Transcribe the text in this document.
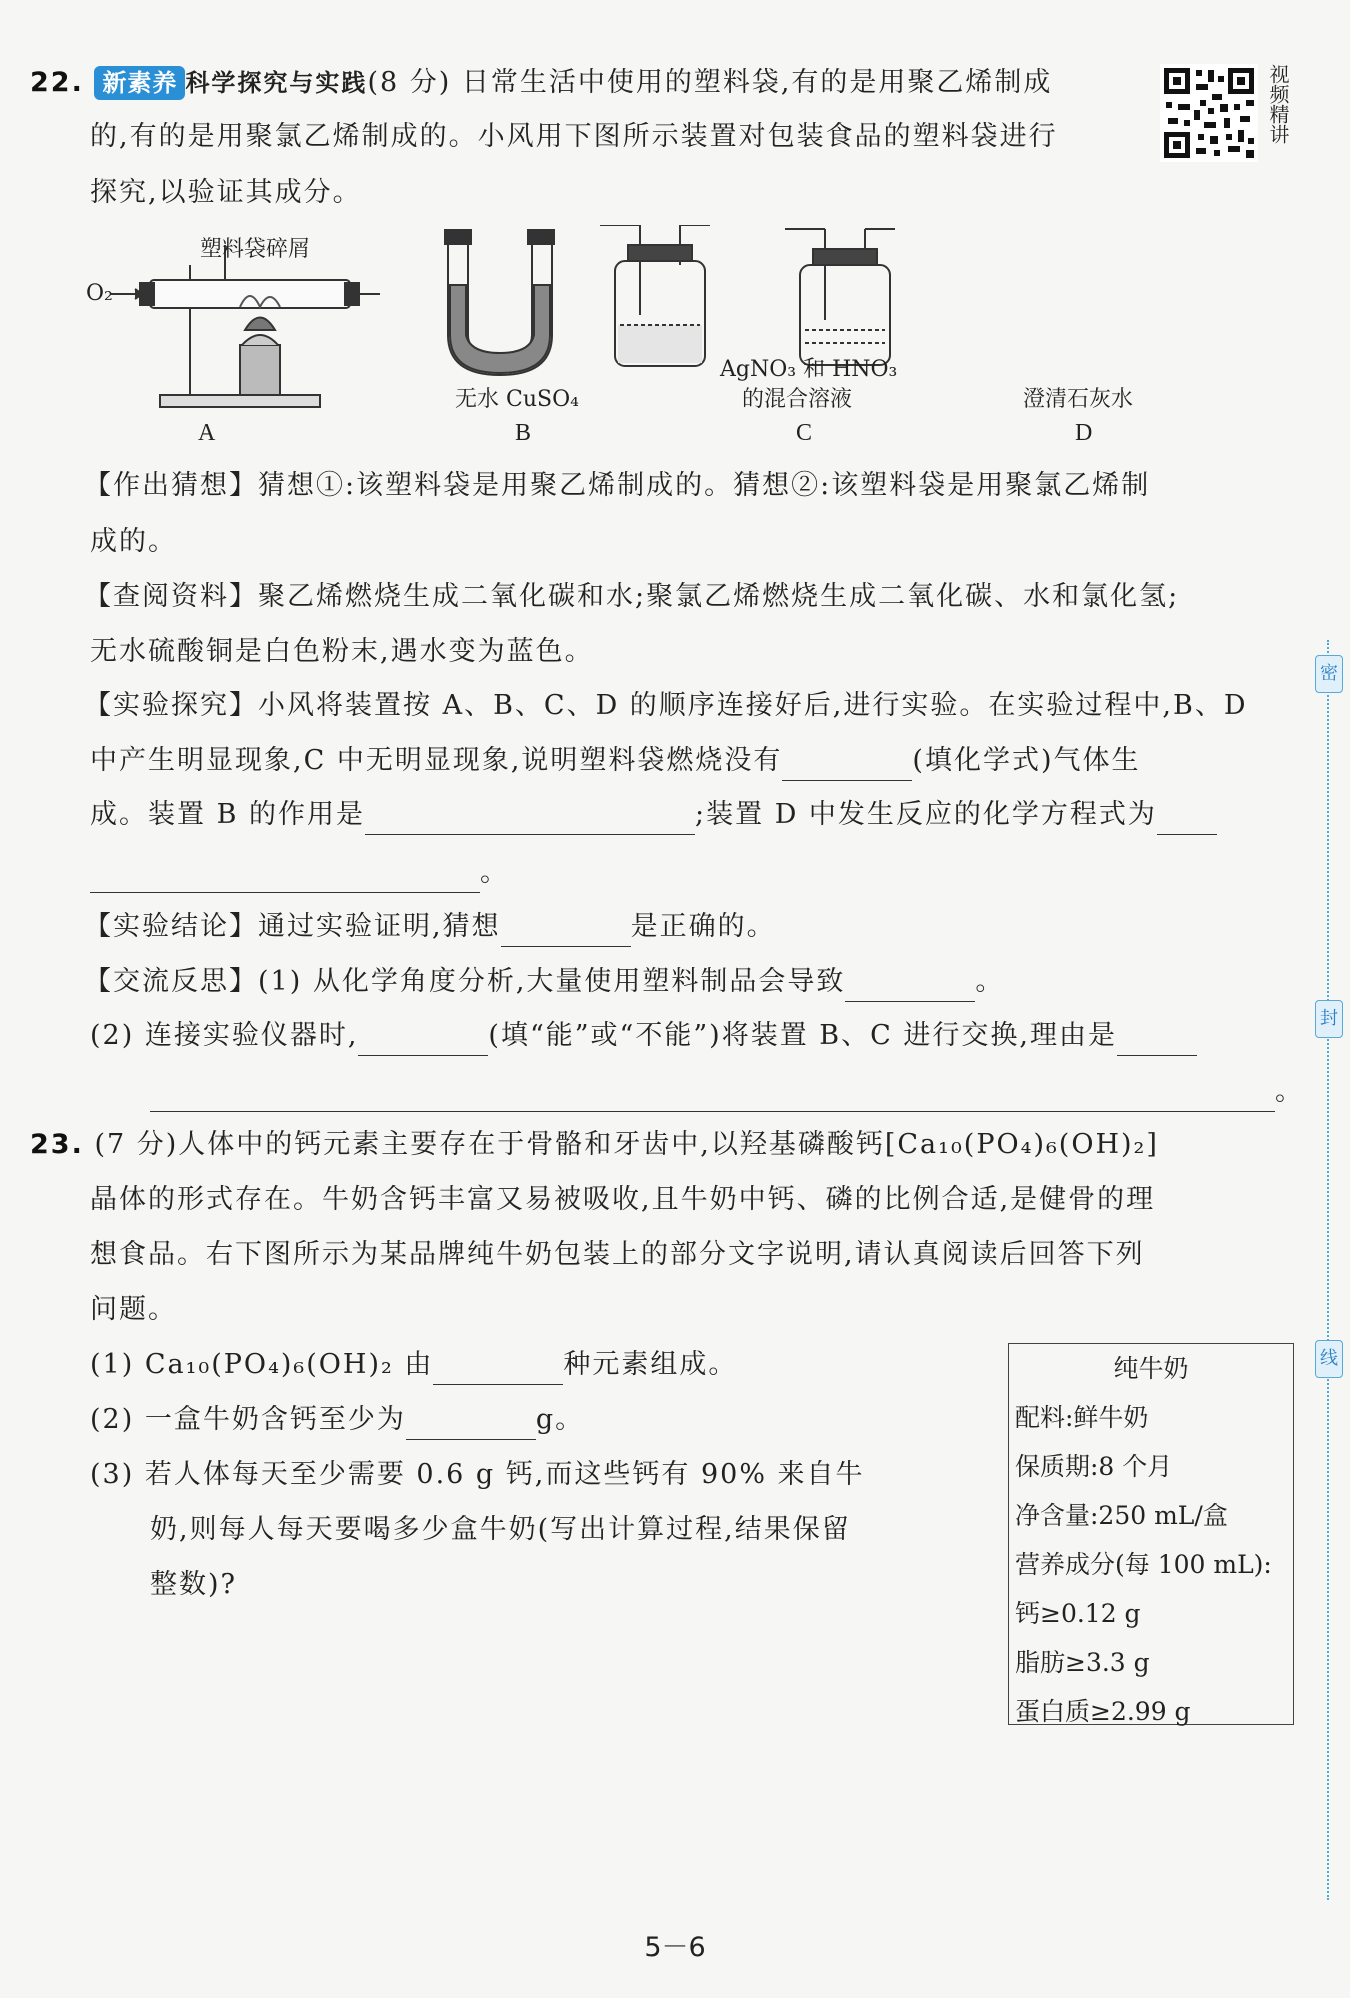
密
封
线
22. 新素养 科学探究与实践(8 分) 日常生活中使用的塑料袋,有的是用聚乙烯制成
的,有的是用聚氯乙烯制成的。小风用下图所示装置对包装食品的塑料袋进行
探究,以验证其成分。
视频精讲
塑料袋碎屑
O₂
A
无水 CuSO₄
B
AgNO₃ 和 HNO₃
的混合溶液
C
澄清石灰水
D
【作出猜想】猜想①:该塑料袋是用聚乙烯制成的。猜想②:该塑料袋是用聚氯乙烯制
成的。
【查阅资料】聚乙烯燃烧生成二氧化碳和水;聚氯乙烯燃烧生成二氧化碳、水和氯化氢;
无水硫酸铜是白色粉末,遇水变为蓝色。
【实验探究】小风将装置按 A、B、C、D 的顺序连接好后,进行实验。在实验过程中,B、D
中产生明显现象,C 中无明显现象,说明塑料袋燃烧没有	(填化学式)气体生
成。装置 B 的作用是	;装置 D 中发生反应的化学方程式为
。
【实验结论】通过实验证明,猜想	是正确的。
【交流反思】(1) 从化学角度分析,大量使用塑料制品会导致	。
(2) 连接实验仪器时,	(填“能”或“不能”)将装置 B、C 进行交换,理由是
。
23. (7 分)人体中的钙元素主要存在于骨骼和牙齿中,以羟基磷酸钙[Ca₁₀(PO₄)₆(OH)₂]
晶体的形式存在。牛奶含钙丰富又易被吸收,且牛奶中钙、磷的比例合适,是健骨的理
想食品。右下图所示为某品牌纯牛奶包装上的部分文字说明,请认真阅读后回答下列
问题。
(1) Ca₁₀(PO₄)₆(OH)₂ 由	种元素组成。
(2) 一盒牛奶含钙至少为	g。
(3) 若人体每天至少需要 0.6 g 钙,而这些钙有 90% 来自牛
奶,则每人每天要喝多少盒牛奶(写出计算过程,结果保留
整数)?
纯牛奶
配料:鲜牛奶
保质期:8 个月
净含量:250 mL/盒
营养成分(每 100 mL):
钙≥0.12 g
脂肪≥3.3 g
蛋白质≥2.99 g
5－6
